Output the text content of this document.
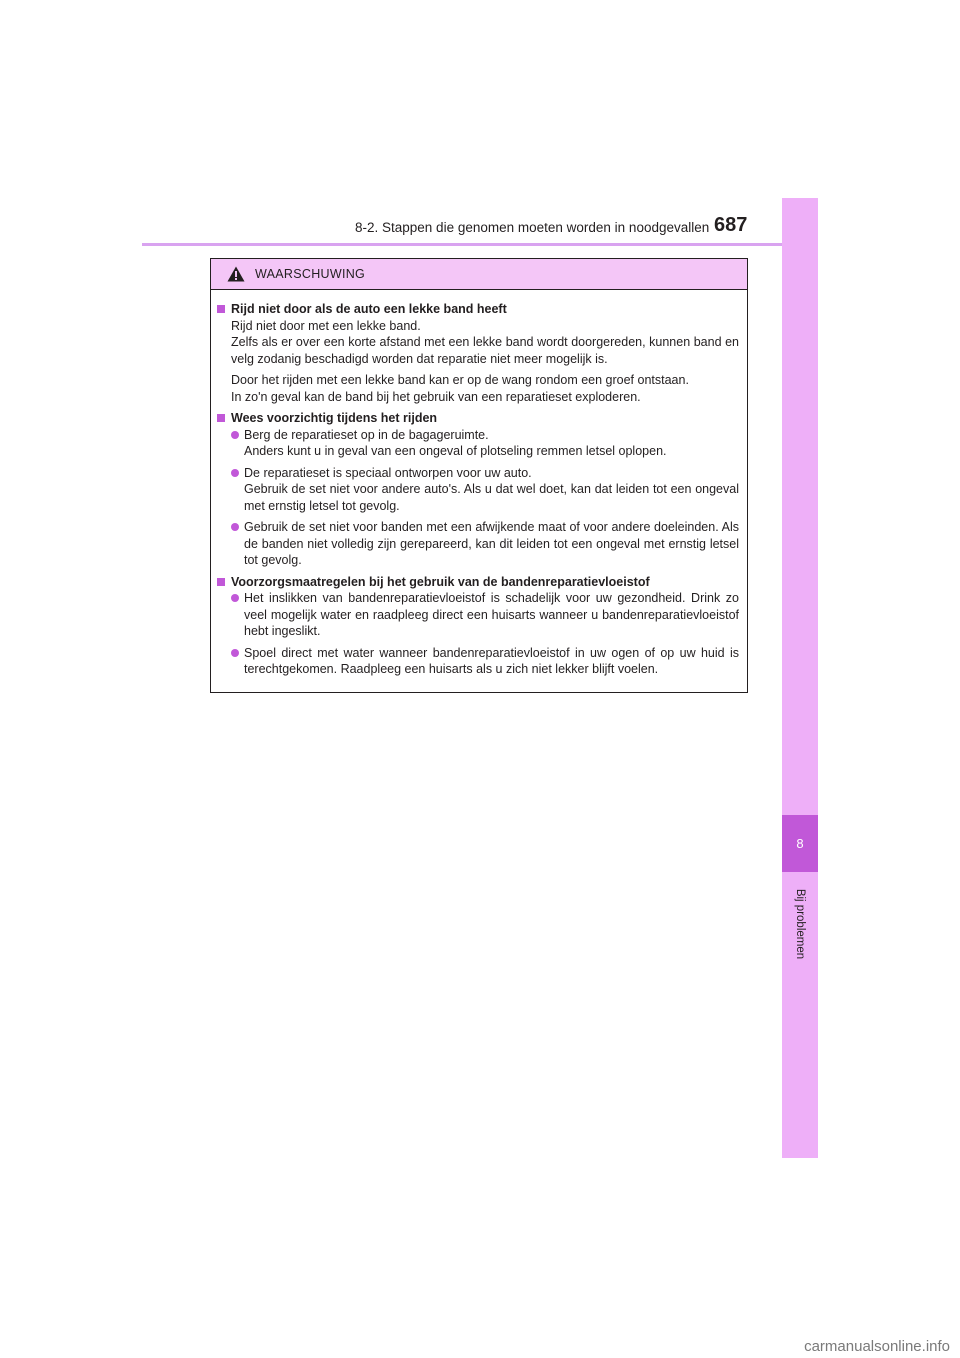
8-2. Stappen die genomen moeten worden in noodgevallen 687
8
Bij problemen
WAARSCHUWING
Rijd niet door als de auto een lekke band heeft
Rijd niet door met een lekke band.
Zelfs als er over een korte afstand met een lekke band wordt doorgereden, kunnen band en velg zodanig beschadigd worden dat reparatie niet meer mogelijk is.
Door het rijden met een lekke band kan er op de wang rondom een groef ontstaan.
In zo'n geval kan de band bij het gebruik van een reparatieset exploderen.
Wees voorzichtig tijdens het rijden
Berg de reparatieset op in de bagageruimte.
Anders kunt u in geval van een ongeval of plotseling remmen letsel oplopen.
De reparatieset is speciaal ontworpen voor uw auto.
Gebruik de set niet voor andere auto's. Als u dat wel doet, kan dat leiden tot een ongeval met ernstig letsel tot gevolg.
Gebruik de set niet voor banden met een afwijkende maat of voor andere doeleinden. Als de banden niet volledig zijn gerepareerd, kan dit leiden tot een ongeval met ernstig letsel tot gevolg.
Voorzorgsmaatregelen bij het gebruik van de bandenreparatievloeistof
Het inslikken van bandenreparatievloeistof is schadelijk voor uw gezondheid. Drink zo veel mogelijk water en raadpleeg direct een huisarts wanneer u bandenreparatievloeistof hebt ingeslikt.
Spoel direct met water wanneer bandenreparatievloeistof in uw ogen of op uw huid is terechtgekomen. Raadpleeg een huisarts als u zich niet lekker blijft voelen.
carmanualsonline.info
